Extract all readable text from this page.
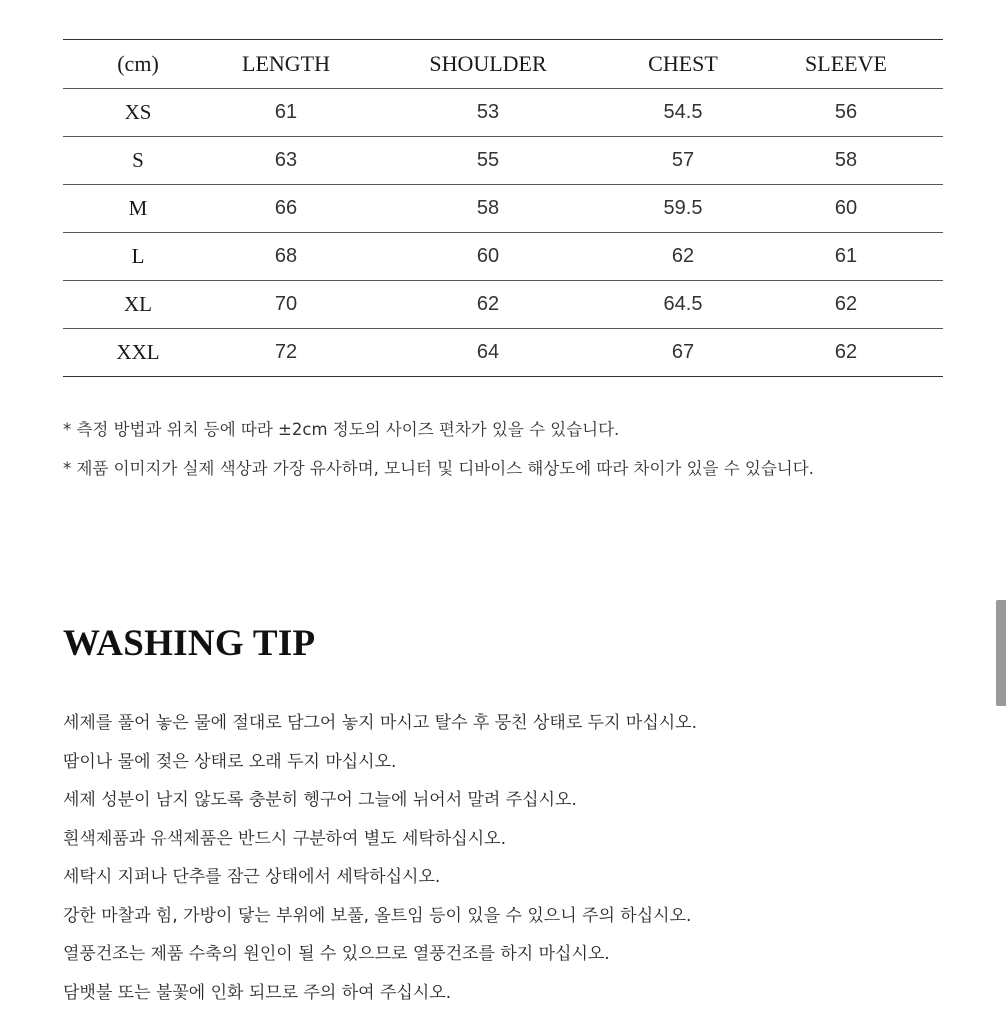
(cm)	LENGTH	SHOULDER	CHEST	SLEEVE
XS	61	53	54.5	56
S	63	55	57	58
M	66	58	59.5	60
L	68	60	62	61
XL	70	62	64.5	62
XXL	72	64	67	62
* 측정 방법과 위치 등에 따라 ±2cm 정도의 사이즈 편차가 있을 수 있습니다.
* 제품 이미지가 실제 색상과 가장 유사하며, 모니터 및 디바이스 해상도에 따라 차이가 있을 수 있습니다.
WASHING TIP
세제를 풀어 놓은 물에 절대로 담그어 놓지 마시고 탈수 후 뭉친 상태로 두지 마십시오.
땀이나 물에 젖은 상태로 오래 두지 마십시오.
세제 성분이 남지 않도록 충분히 헹구어 그늘에 뉘어서 말려 주십시오.
흰색제품과 유색제품은 반드시 구분하여 별도 세탁하십시오.
세탁시 지퍼나 단추를 잠근 상태에서 세탁하십시오.
강한 마찰과 힘, 가방이 닿는 부위에 보풀, 올트임 등이 있을 수 있으니 주의 하십시오.
열풍건조는 제품 수축의 원인이 될 수 있으므로 열풍건조를 하지 마십시오.
담뱃불 또는 불꽃에 인화 되므로 주의 하여 주십시오.
